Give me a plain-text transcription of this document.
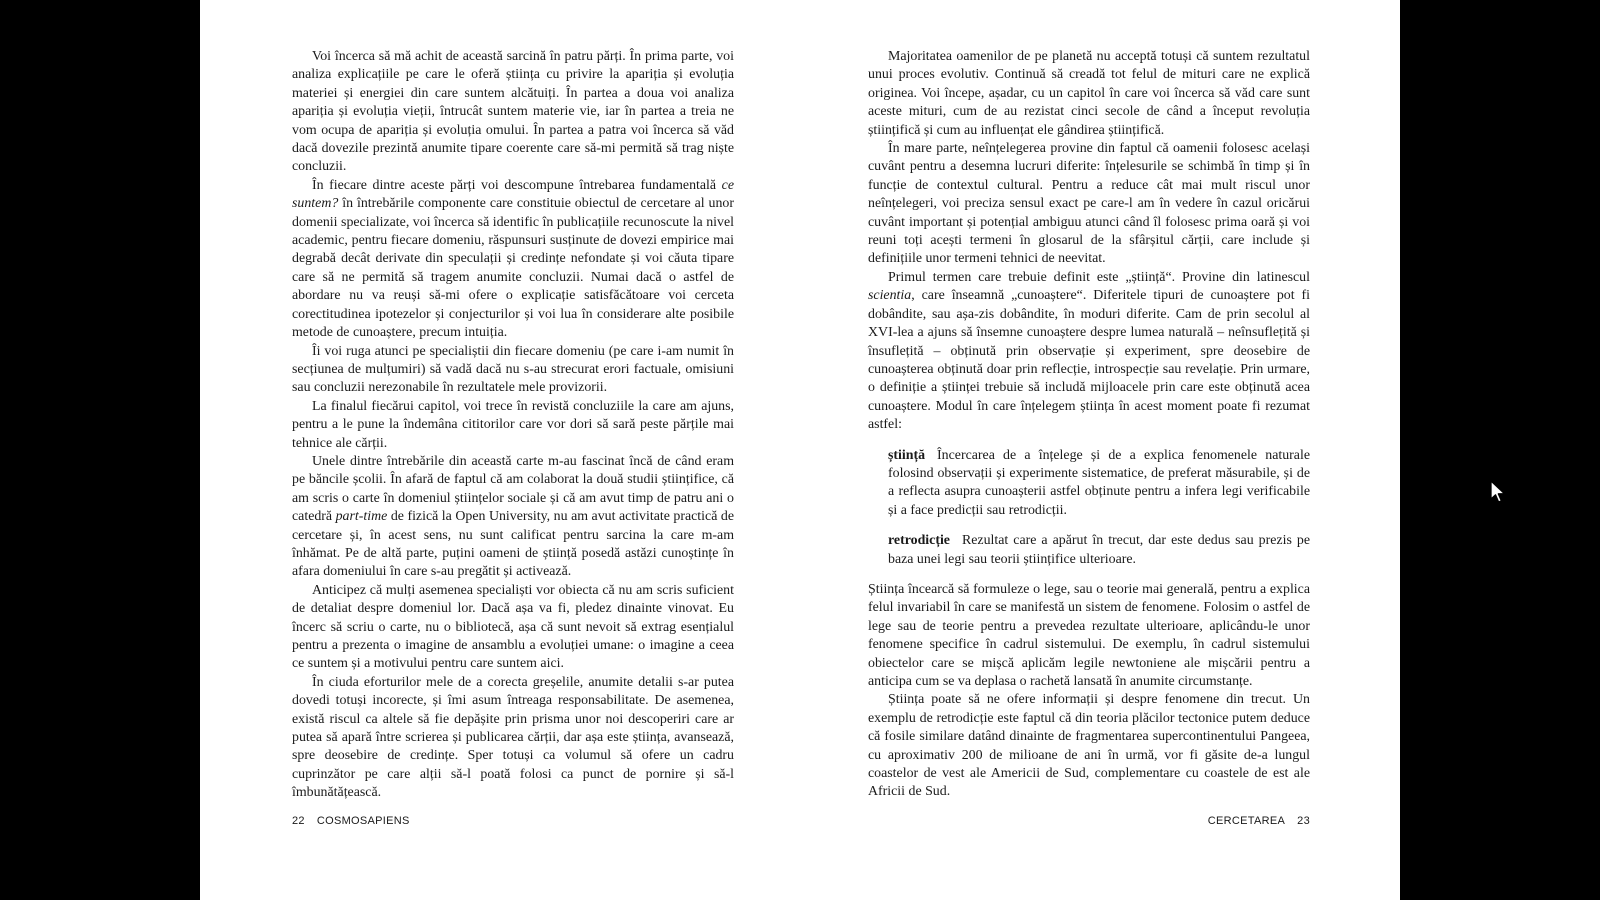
Voi încerca să mă achit de această sarcină în patru părți. În prima parte, voi analiza explicațiile pe care le oferă știința cu privire la apariția și evoluția materiei și energiei din care suntem alcătuiți. În partea a doua voi analiza apariția și evoluția vieții, întrucât suntem materie vie, iar în partea a treia ne vom ocupa de apariția și evoluția omului. În partea a patra voi încerca să văd dacă dovezile prezintă anumite tipare coerente care să-mi permită să trag niște concluzii.

În fiecare dintre aceste părți voi descompune întrebarea fundamentală ce suntem? în întrebările componente care constituie obiectul de cercetare al unor domenii specializate, voi încerca să identific în publicațiile recunoscute la nivel academic, pentru fiecare domeniu, răspunsuri susținute de dovezi empirice mai degrabă decât derivate din speculații și credințe nefondate și voi căuta tipare care să ne permită să tragem anumite concluzii. Numai dacă o astfel de abordare nu va reuși să-mi ofere o explicație satisfăcătoare voi cerceta corectitudinea ipotezelor și conjecturilor și voi lua în considerare alte posibile metode de cunoaștere, precum intuiția.

Îi voi ruga atunci pe specialiștii din fiecare domeniu (pe care i-am numit în secțiunea de mulțumiri) să vadă dacă nu s-au strecurat erori factuale, omisiuni sau concluzii nerezonabile în rezultatele mele provizorii.

La finalul fiecărui capitol, voi trece în revistă concluziile la care am ajuns, pentru a le pune la îndemâna cititorilor care vor dori să sară peste părțile mai tehnice ale cărții.

Unele dintre întrebările din această carte m-au fascinat încă de când eram pe băncile școlii. În afară de faptul că am colaborat la două studii științifice, că am scris o carte în domeniul științelor sociale și că am avut timp de patru ani o catedră part-time de fizică la Open University, nu am avut activitate practică de cercetare și, în acest sens, nu sunt calificat pentru sarcina la care m-am înhămat. Pe de altă parte, puțini oameni de știință posedă astăzi cunoștințe în afara domeniului în care s-au pregătit și activează.

Anticipez că mulți asemenea specialiști vor obiecta că nu am scris suficient de detaliat despre domeniul lor. Dacă așa va fi, pledez dinainte vinovat. Eu încerc să scriu o carte, nu o bibliotecă, așa că sunt nevoit să extrag esențialul pentru a prezenta o imagine de ansamblu a evoluției umane: o imagine a ceea ce suntem și a motivului pentru care suntem aici.

În ciuda eforturilor mele de a corecta greșelile, anumite detalii s-ar putea dovedi totuși incorecte, și îmi asum întreaga responsabilitate. De asemenea, există riscul ca altele să fie depășite prin prisma unor noi descoperiri care ar putea să apară între scrierea și publicarea cărții, dar așa este știința, avansează, spre deosebire de credințe. Sper totuși ca volumul să ofere un cadru cuprinzător pe care alții să-l poată folosi ca punct de pornire și să-l îmbunătățească.

22 COSMOSAPIENS

Majoritatea oamenilor de pe planetă nu acceptă totuși că suntem rezultatul unui proces evolutiv. Continuă să creadă tot felul de mituri care ne explică originea. Voi începe, așadar, cu un capitol în care voi încerca să văd care sunt aceste mituri, cum de au rezistat cinci secole de când a început revoluția științifică și cum au influențat ele gândirea științifică.

În mare parte, neînțelegerea provine din faptul că oamenii folosesc același cuvânt pentru a desemna lucruri diferite: înțelesurile se schimbă în timp și în funcție de contextul cultural. Pentru a reduce cât mai mult riscul unor neînțelegeri, voi preciza sensul exact pe care-l am în vedere în cazul oricărui cuvânt important și potențial ambiguu atunci când îl folosesc prima oară și voi reuni toți acești termeni în glosarul de la sfârșitul cărții, care include și definițiile unor termeni tehnici de neevitat.

Primul termen care trebuie definit este „știință“. Provine din latinescul scientia, care înseamnă „cunoaștere“. Diferitele tipuri de cunoaștere pot fi dobândite, sau așa-zis dobândite, în moduri diferite. Cam de prin secolul al XVI-lea a ajuns să însemne cunoaștere despre lumea naturală – neînsuflețită și însuflețită – obținută prin observație și experiment, spre deosebire de cunoașterea obținută doar prin reflecție, introspecție sau revelație. Prin urmare, o definiție a științei trebuie să includă mijloacele prin care este obținută acea cunoaștere. Modul în care înțelegem știința în acest moment poate fi rezumat astfel:

știință Încercarea de a înțelege și de a explica fenomenele naturale folosind observații și experimente sistematice, de preferat măsurabile, și de a reflecta asupra cunoașterii astfel obținute pentru a infera legi verificabile și a face predicții sau retrodicții.

retrodicție Rezultat care a apărut în trecut, dar este dedus sau prezis pe baza unei legi sau teorii științifice ulterioare.

Știința încearcă să formuleze o lege, sau o teorie mai generală, pentru a explica felul invariabil în care se manifestă un sistem de fenomene. Folosim o astfel de lege sau de teorie pentru a prevedea rezultate ulterioare, aplicându-le unor fenomene specifice în cadrul sistemului. De exemplu, în cadrul sistemului obiectelor care se mișcă aplicăm legile newtoniene ale mișcării pentru a anticipa cum se va deplasa o rachetă lansată în anumite circumstanțe.

Știința poate să ne ofere informații și despre fenomene din trecut. Un exemplu de retrodicție este faptul că din teoria plăcilor tectonice putem deduce că fosile similare datând dinainte de fragmentarea supercontinentului Pangeea, cu aproximativ 200 de milioane de ani în urmă, vor fi găsite de-a lungul coastelor de vest ale Americii de Sud, complementare cu coastele de est ale Africii de Sud.

CERCETAREA 23
